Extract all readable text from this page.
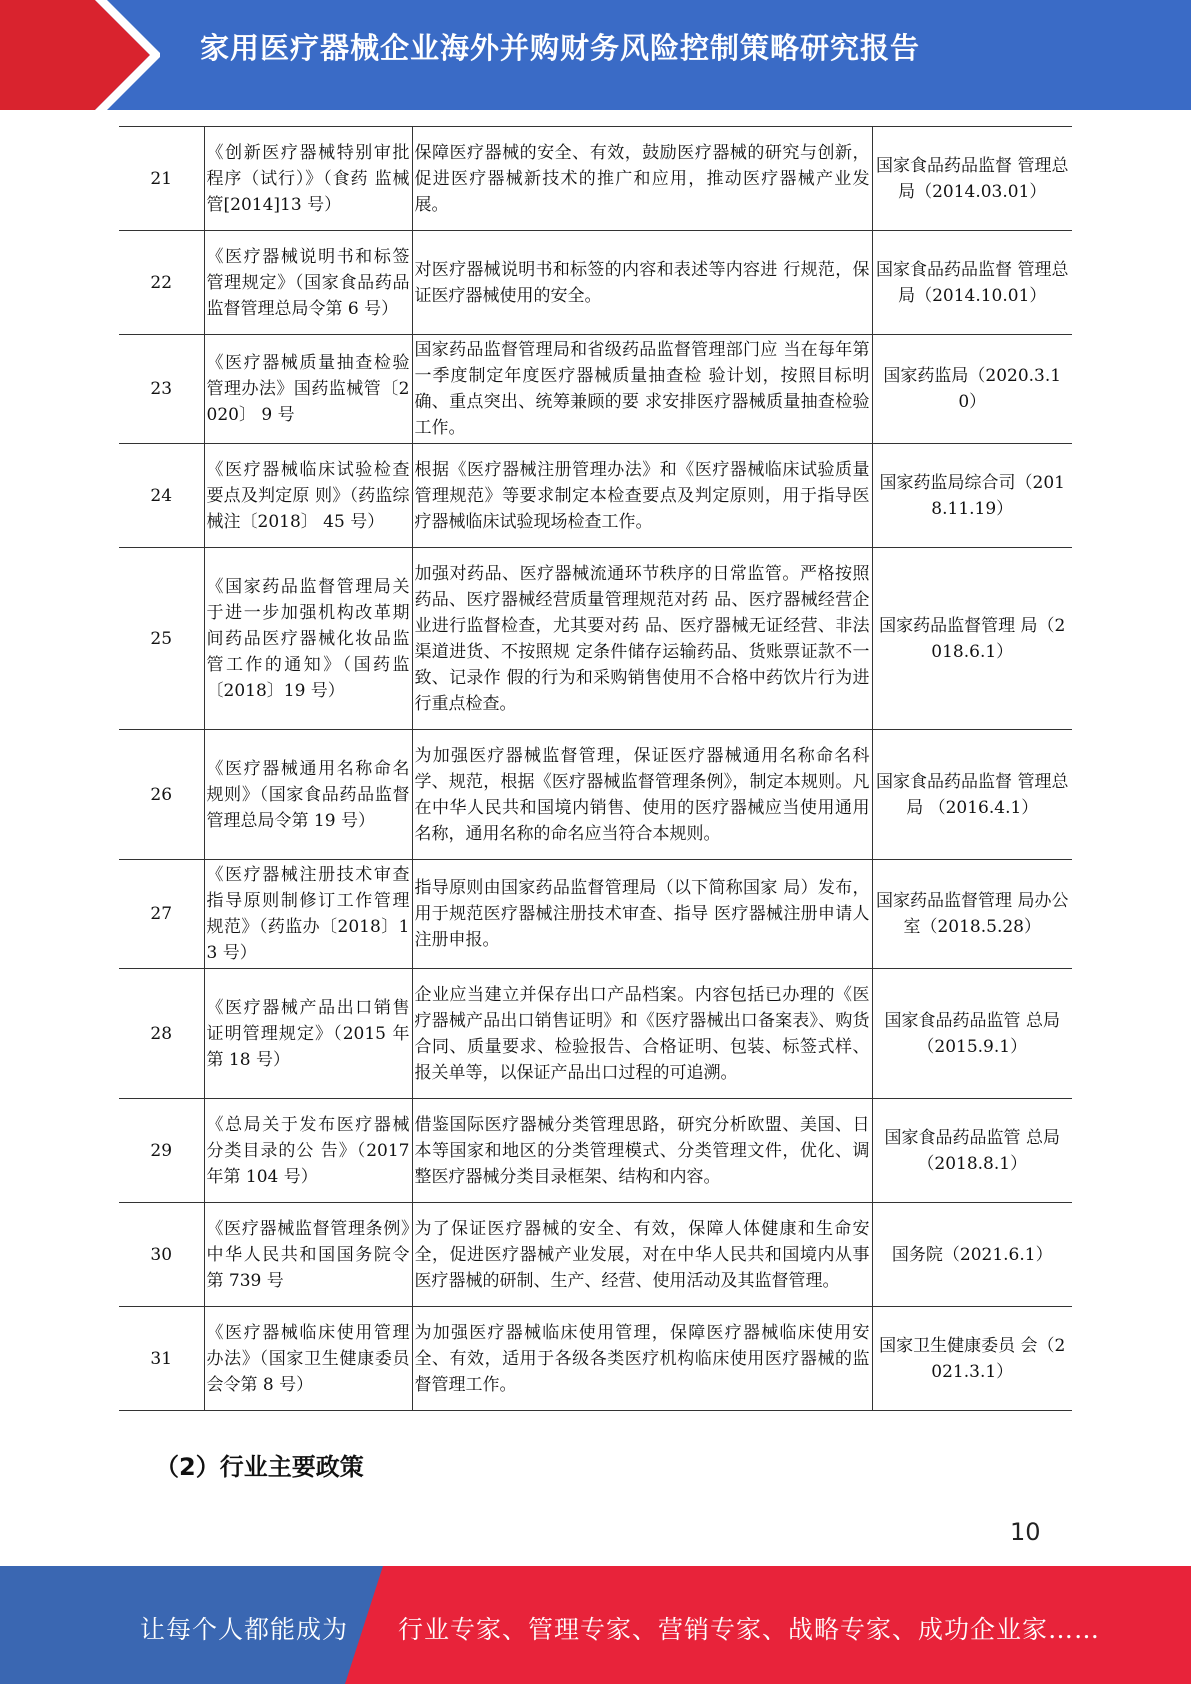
家用医疗器械企业海外并购财务风险控制策略研究报告
21	《创新医疗器械特别审批程序（试行）》（食药 监械管[2014]13 号）	保障医疗器械的安全、有效，鼓励医疗器械的研究与创新，促进医疗器械新技术的推广和应用，推动医疗器械产业发展。	国家食品药品监督 管理总局（2014.03.01）
22	《医疗器械说明书和标签管理规定》（国家食品药品监督管理总局令第 6 号）	对医疗器械说明书和标签的内容和表述等内容进 行规范，保证医疗器械使用的安全。	国家食品药品监督 管理总局（2014.10.01）
23	《医疗器械质量抽查检验管理办法》国药监械管〔2020〕 9 号	国家药品监督管理局和省级药品监督管理部门应 当在每年第一季度制定年度医疗器械质量抽查检 验计划，按照目标明确、重点突出、统筹兼顾的要 求安排医疗器械质量抽查检验工作。	国家药监局（2020.3.10）
24	《医疗器械临床试验检查要点及判定原 则》（药监综械注〔2018〕 45 号）	根据《医疗器械注册管理办法》和《医疗器械临床试验质量管理规范》等要求制定本检查要点及判定原则，用于指导医疗器械临床试验现场检查工作。	国家药监局综合司（2018.11.19）
25	《国家药品监督管理局关于进一步加强机构改革期间药品医疗器械化妆品监管工作的通知》（国药监〔2018〕19 号）	加强对药品、医疗器械流通环节秩序的日常监管。严格按照药品、医疗器械经营质量管理规范对药 品、医疗器械经营企业进行监督检查，尤其要对药 品、医疗器械无证经营、非法渠道进货、不按照规 定条件储存运输药品、货账票证款不一致、记录作 假的行为和采购销售使用不合格中药饮片行为进 行重点检查。	国家药品监督管理 局（2018.6.1）
26	《医疗器械通用名称命名规则》（国家食品药品监督管理总局令第 19 号）	为加强医疗器械监督管理，保证医疗器械通用名称命名科学、规范，根据《医疗器械监督管理条例》，制定本规则。凡在中华人民共和国境内销售、使用的医疗器械应当使用通用名称，通用名称的命名应当符合本规则。	国家食品药品监督 管理总局 （2016.4.1）
27	《医疗器械注册技术审查指导原则制修订工作管理规范》（药监办〔2018〕13 号）	指导原则由国家药品监督管理局（以下简称国家 局）发布，用于规范医疗器械注册技术审查、指导 医疗器械注册申请人注册申报。	国家药品监督管理 局办公室（2018.5.28）
28	《医疗器械产品出口销售证明管理规定》（2015 年第 18 号）	企业应当建立并保存出口产品档案。内容包括已办理的《医疗器械产品出口销售证明》和《医疗器械出口备案表》、购货合同、质量要求、检验报告、合格证明、包装、标签式样、报关单等，以保证产品出口过程的可追溯。	国家食品药品监管 总局（2015.9.1）
29	《总局关于发布医疗器械分类目录的公 告》（2017 年第 104 号）	借鉴国际医疗器械分类管理思路，研究分析欧盟、美国、日本等国家和地区的分类管理模式、分类管理文件，优化、调整医疗器械分类目录框架、结构和内容。	国家食品药品监管 总局（2018.8.1）
30	《医疗器械监督管理条例》中华人民共和国国务院令第 739 号	为了保证医疗器械的安全、有效，保障人体健康和生命安全，促进医疗器械产业发展，对在中华人民共和国境内从事医疗器械的研制、生产、经营、使用活动及其监督管理。	国务院（2021.6.1）
31	《医疗器械临床使用管理办法》（国家卫生健康委员会令第 8 号）	为加强医疗器械临床使用管理，保障医疗器械临床使用安全、有效，适用于各级各类医疗机构临床使用医疗器械的监督管理工作。	国家卫生健康委员 会（2021.3.1）
（2）行业主要政策
10
让每个人都能成为 行业专家、管理专家、营销专家、战略专家、成功企业家……
